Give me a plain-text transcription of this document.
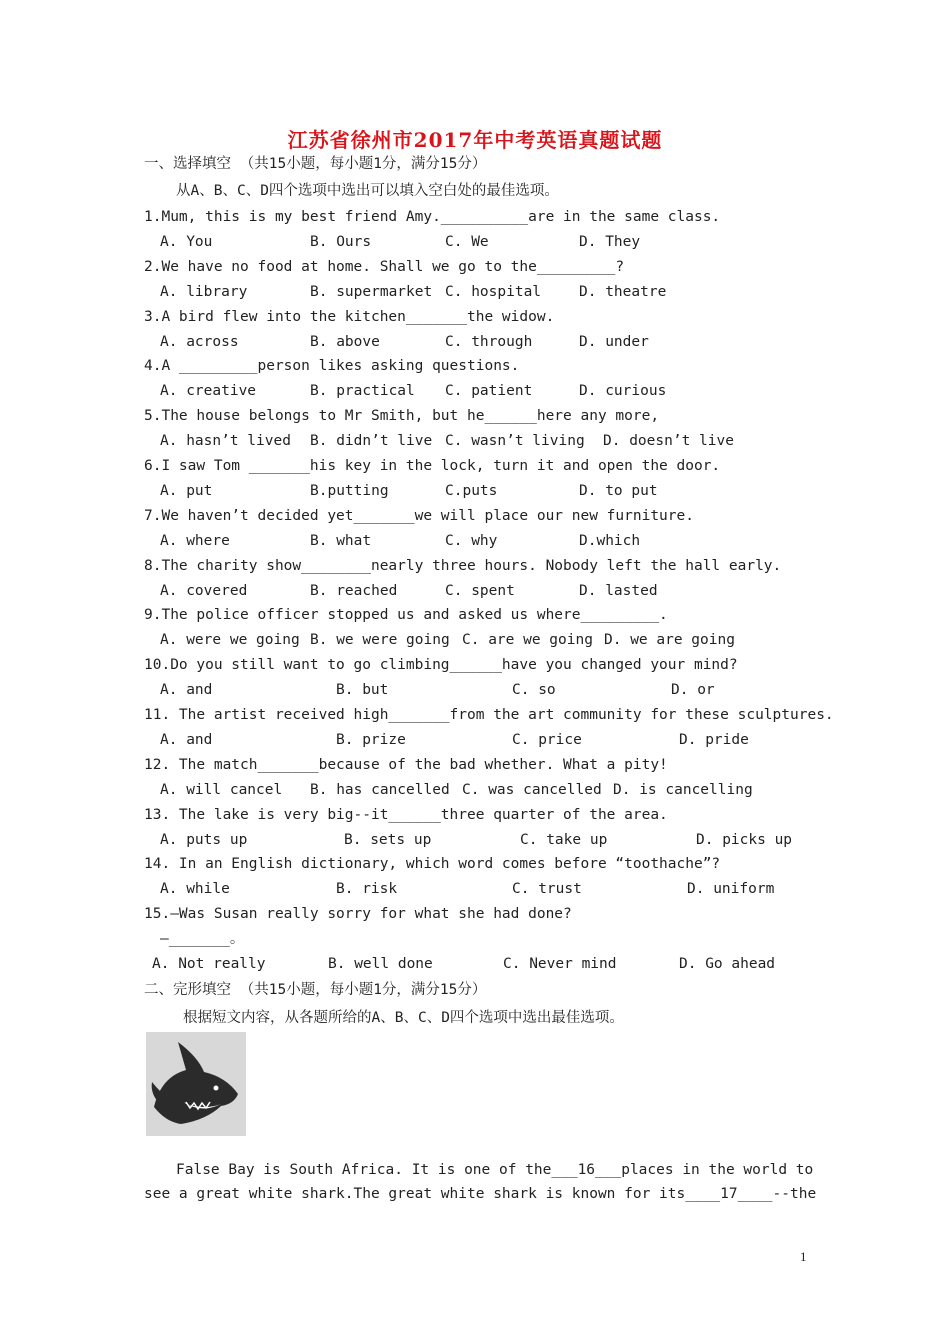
江苏省徐州市2017年中考英语真题试题
一、选择填空 （共15小题，每小题1分，满分15分）
从A、B、C、D四个选项中选出可以填入空白处的最佳选项。
1.Mum, this is my best friend Amy.__________are in the same class.
A. You	B. Ours	C. We	D. They
2.We have no food at home. Shall we go to the_________?
A. library	B. supermarket C. hospital	D. theatre
3.A bird flew into the kitchen_______the widow.
A. across	B. above	C. through	D. under
4.A _________person likes asking questions.
A. creative	B. practical C. patient	D. curious
5.The house belongs to Mr Smith, but he______here any more,
A. hasn’t lived B. didn’t live C. wasn’t living D. doesn’t live
6.I saw Tom _______his key in the lock, turn it and open the door.
A. put	B.putting	C.puts	D. to put
7.We haven’t decided yet_______we will place our new furniture.
A. where	B. what	C. why	D.which
8.The charity show________nearly three hours. Nobody left the hall early.
A. covered	B. reached	C. spent	D. lasted
9.The police officer stopped us and asked us where_________.
A. were we going B. we were going C. are we going D. we are going
10.Do you still want to go climbing______have you changed your mind?
A. and	B. but	C. so	D. or
11. The artist received high_______from the art community for these sculptures.
A. and	B. prize	C. price	D. pride
12. The match_______because of the bad whether. What a pity!
A. will cancel B. has cancelled C. was cancelled D. is cancelling
13. The lake is very big--it______three quarter of the area.
A. puts up	B. sets up	C. take up	D. picks up
14. In an English dictionary, which word comes before “toothache”?
A. while	B. risk	C. trust	D. uniform
15.—Was Susan really sorry for what she had done?
—_______。
A. Not really	B. well done	C. Never mind	D. Go ahead
二、完形填空 （共15小题，每小题1分，满分15分）
根据短文内容，从各题所给的A、B、C、D四个选项中选出最佳选项。
False Bay is South Africa. It is one of the___16___places in the world to
see a great white shark.The great white shark is known for its____17____--the
1
